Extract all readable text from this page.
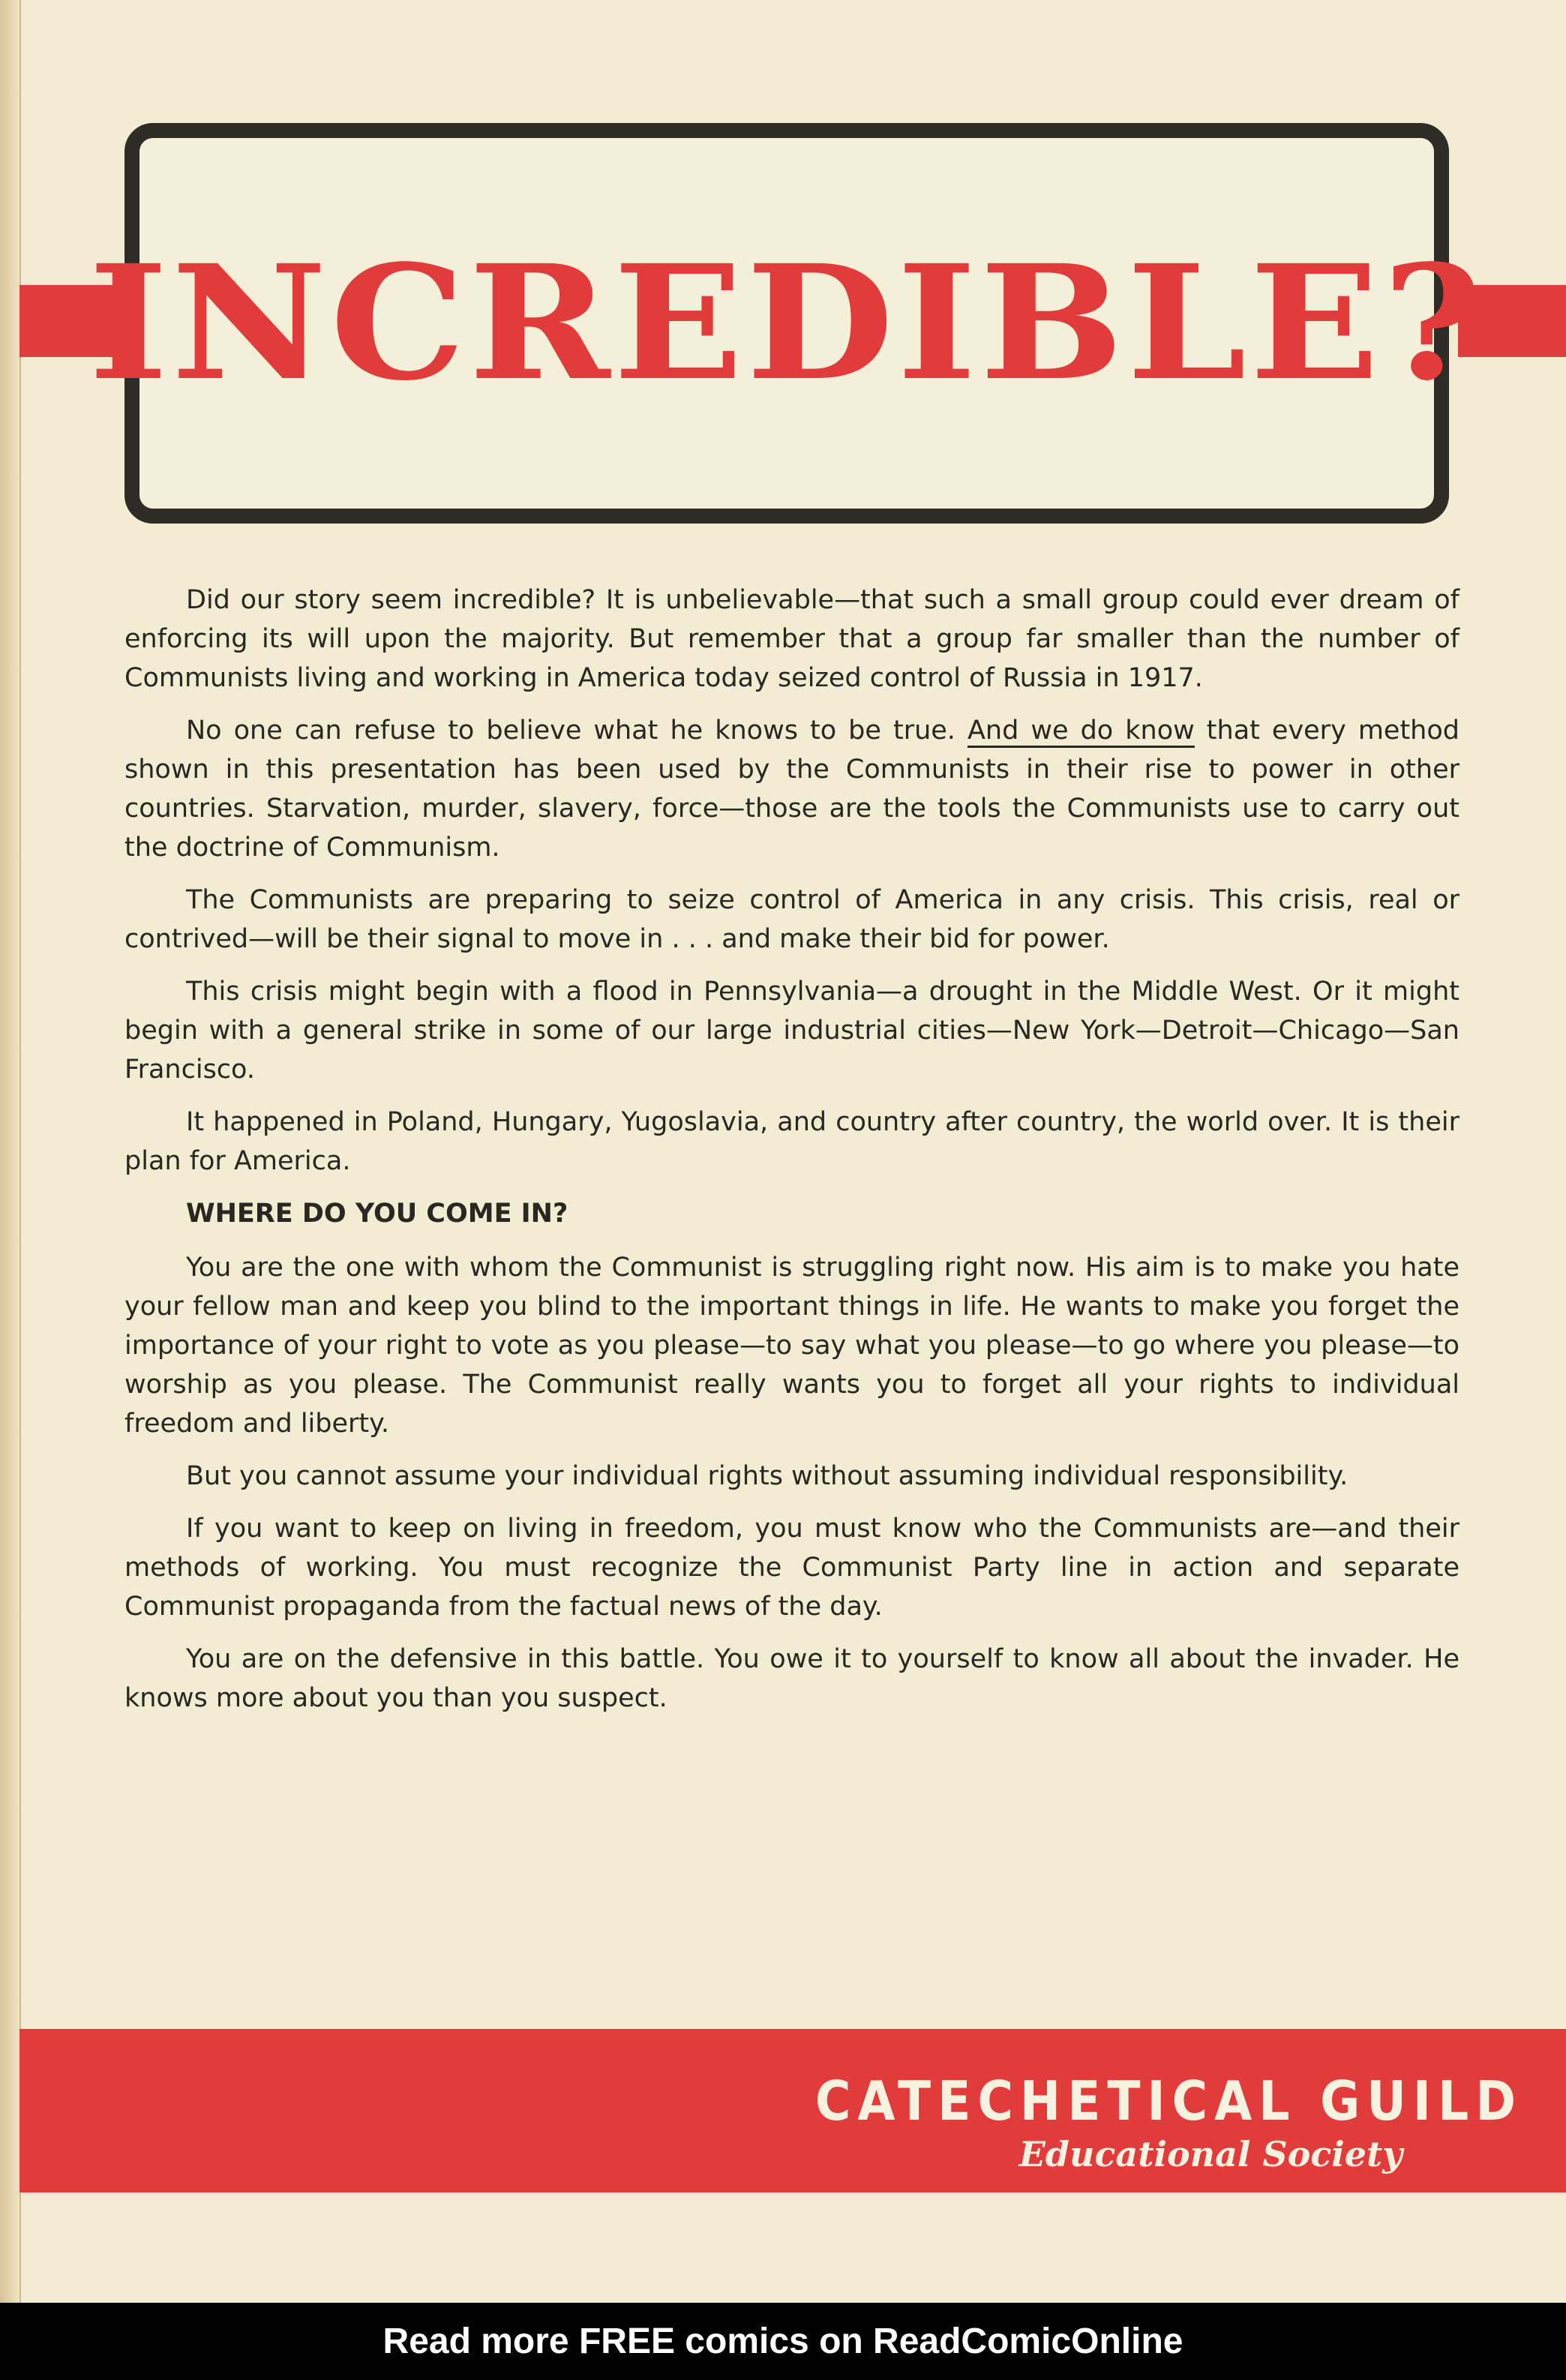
INCREDIBLE?

Did our story seem incredible? It is unbelievable—that such a small group could ever dream of enforcing its will upon the majority. But remember that a group far smaller than the number of Communists living and working in America today seized control of Russia in 1917.

No one can refuse to believe what he knows to be true. And we do know that every method shown in this presentation has been used by the Communists in their rise to power in other countries. Starvation, murder, slavery, force—those are the tools the Communists use to carry out the doctrine of Communism.

The Communists are preparing to seize control of America in any crisis. This crisis, real or contrived—will be their signal to move in . . . and make their bid for power.

This crisis might begin with a flood in Pennsylvania—a drought in the Middle West. Or it might begin with a general strike in some of our large industrial cities—New York—Detroit—Chicago—San Francisco.

It happened in Poland, Hungary, Yugoslavia, and country after country, the world over. It is their plan for America.

WHERE DO YOU COME IN?

You are the one with whom the Communist is struggling right now. His aim is to make you hate your fellow man and keep you blind to the important things in life. He wants to make you forget the importance of your right to vote as you please—to say what you please—to go where you please—to worship as you please. The Communist really wants you to forget all your rights to individual freedom and liberty.

But you cannot assume your individual rights without assuming individual responsibility.

If you want to keep on living in freedom, you must know who the Communists are—and their methods of working. You must recognize the Communist Party line in action and separate Communist propaganda from the factual news of the day.

You are on the defensive in this battle. You owe it to yourself to know all about the invader. He knows more about you than you suspect.

CATECHETICAL GUILD
Educational Society
Read more FREE comics on ReadComicOnline
